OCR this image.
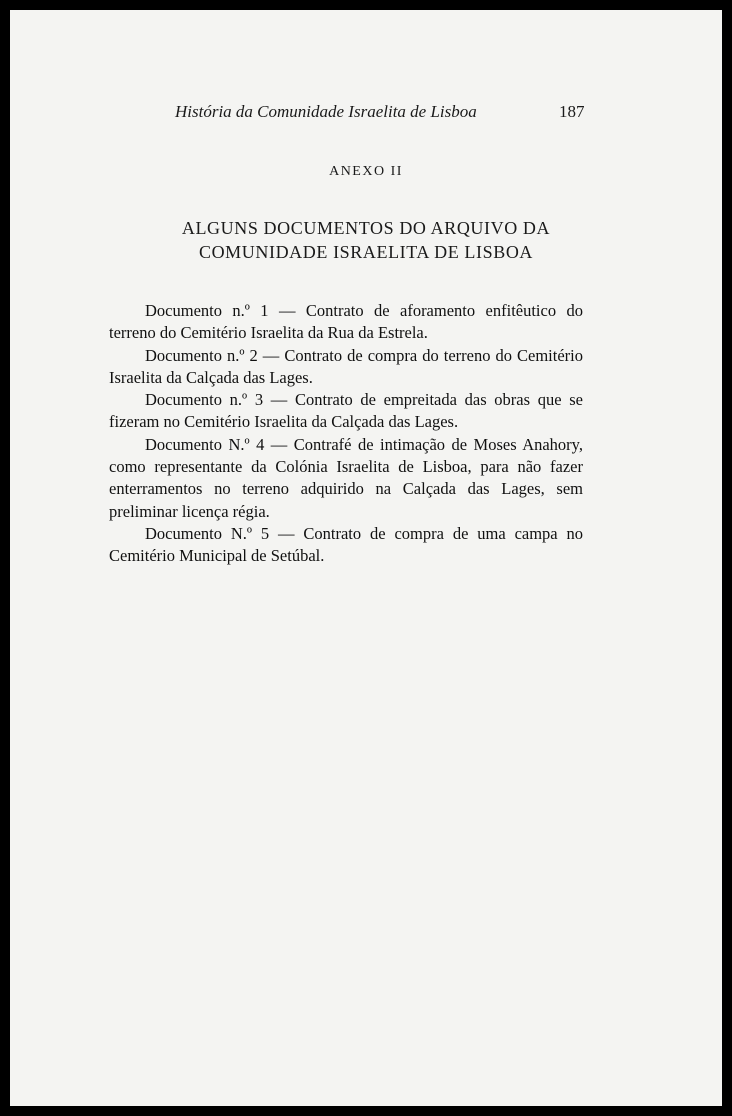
História da Comunidade Israelita de Lisboa	187
ANEXO II
ALGUNS DOCUMENTOS DO ARQUIVO DA
COMUNIDADE ISRAELITA DE LISBOA
Documento n.º 1 — Contrato de aforamento enfitêutico do terreno do Cemitério Israelita da Rua da Estrela.
Documento n.º 2 — Contrato de compra do terreno do Cemitério Israelita da Calçada das Lages.
Documento n.º 3 — Contrato de empreitada das obras que se fizeram no Cemitério Israelita da Calçada das Lages.
Documento N.º 4 — Contrafé de intimação de Moses Anahory, como representante da Colónia Israelita de Lisboa, para não fazer enterramentos no terreno adquirido na Calçada das Lages, sem preliminar licença régia.
Documento N.º 5 — Contrato de compra de uma campa no Cemitério Municipal de Setúbal.
